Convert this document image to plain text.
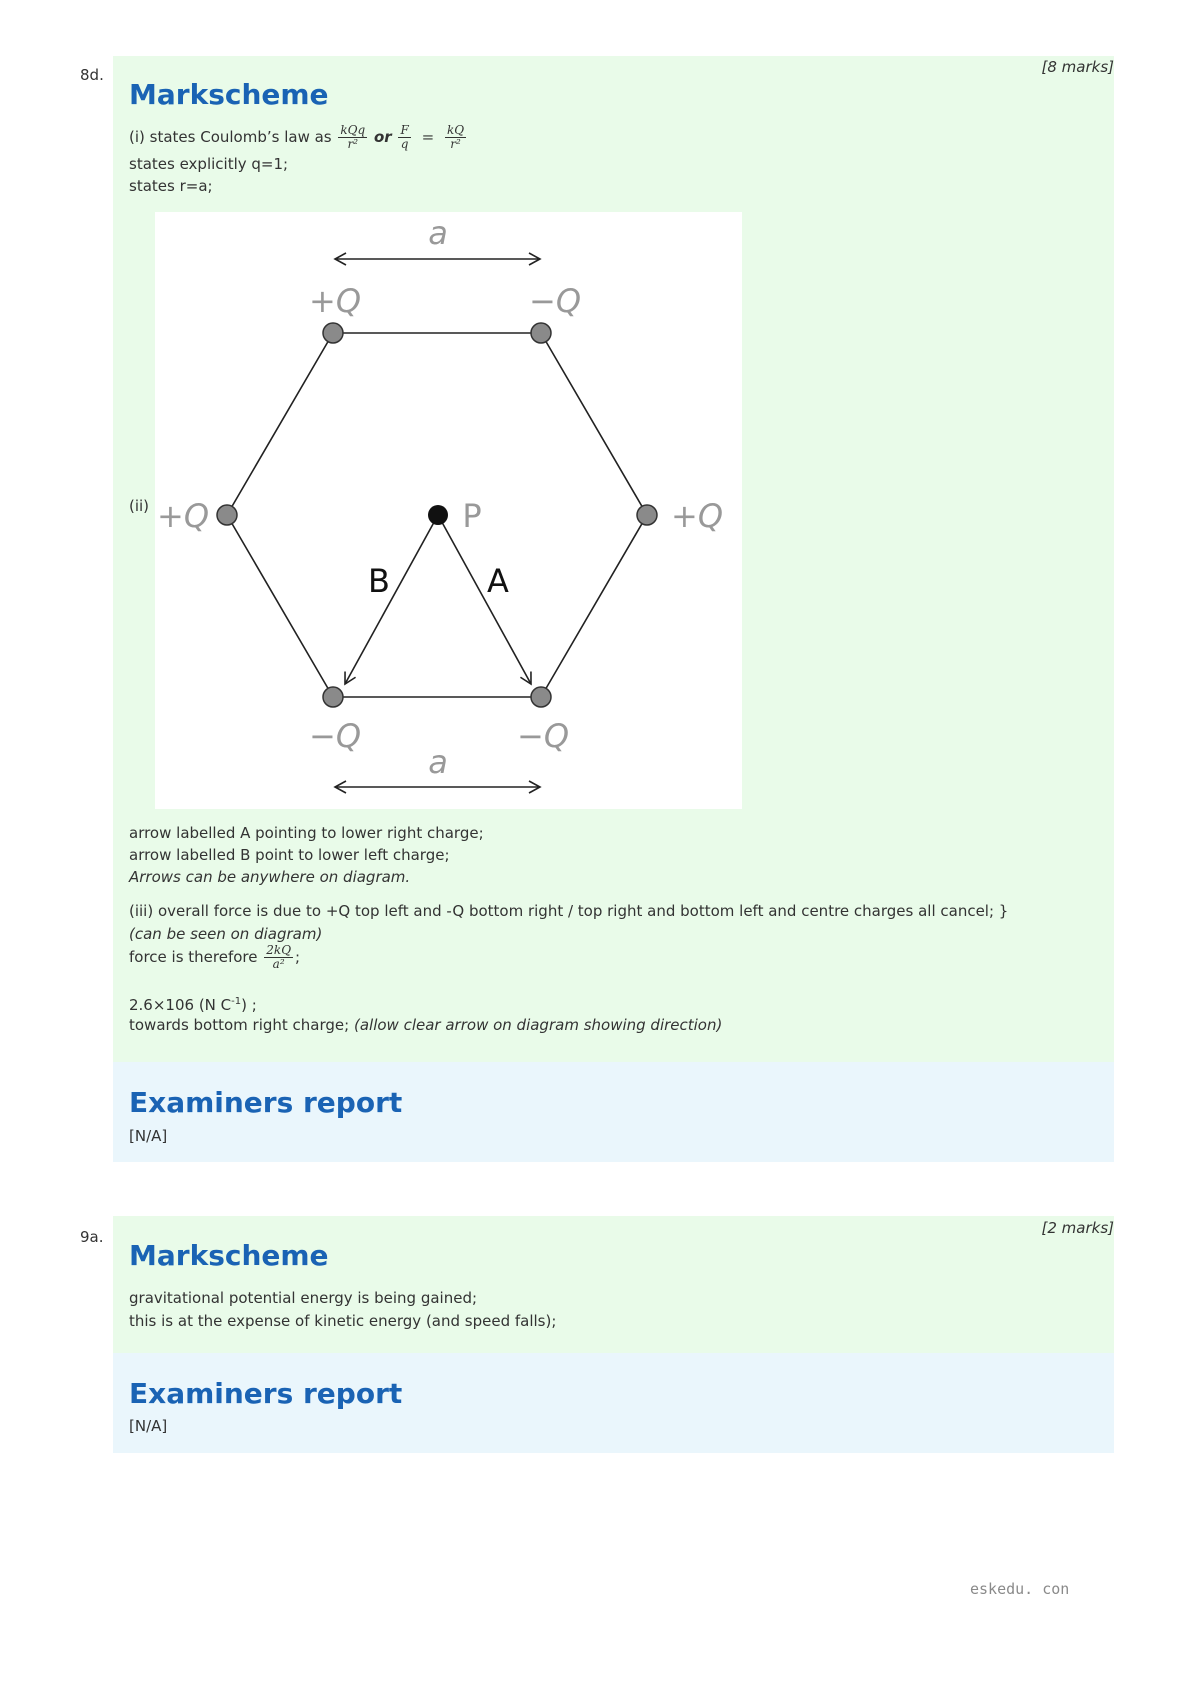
8d.	[8 marks]
Markscheme
(i) states Coulomb’s law as $\frac{\text{kQq}}{\text{r²}}$ or $\frac{F}{q} = \frac{kQ}{\text{r²}}$
states explicitly q=1;
states r=a;
(ii)
arrow labelled A pointing to lower right charge;
arrow labelled B point to lower left charge;
Arrows can be anywhere on diagram.
(iii) overall force is due to +Q top left and -Q bottom right / top right and bottom left and centre charges all cancel; }
(can be seen on diagram)
force is therefore $\frac{2kQ}{\text{a²}}$ ;
2.6×106 (N $C^{-1}$) ;
towards bottom right charge; (allow clear arrow on diagram showing direction)
a
+Q	−Q
+Q	+Q
−Q	−Q
P
A
B
a
Examiners report
[N/A]
9a.	[2 marks]
Markscheme
gravitational potential energy is being gained;
this is at the expense of kinetic energy (and speed falls);
Examiners report
[N/A]
eskedu. con
